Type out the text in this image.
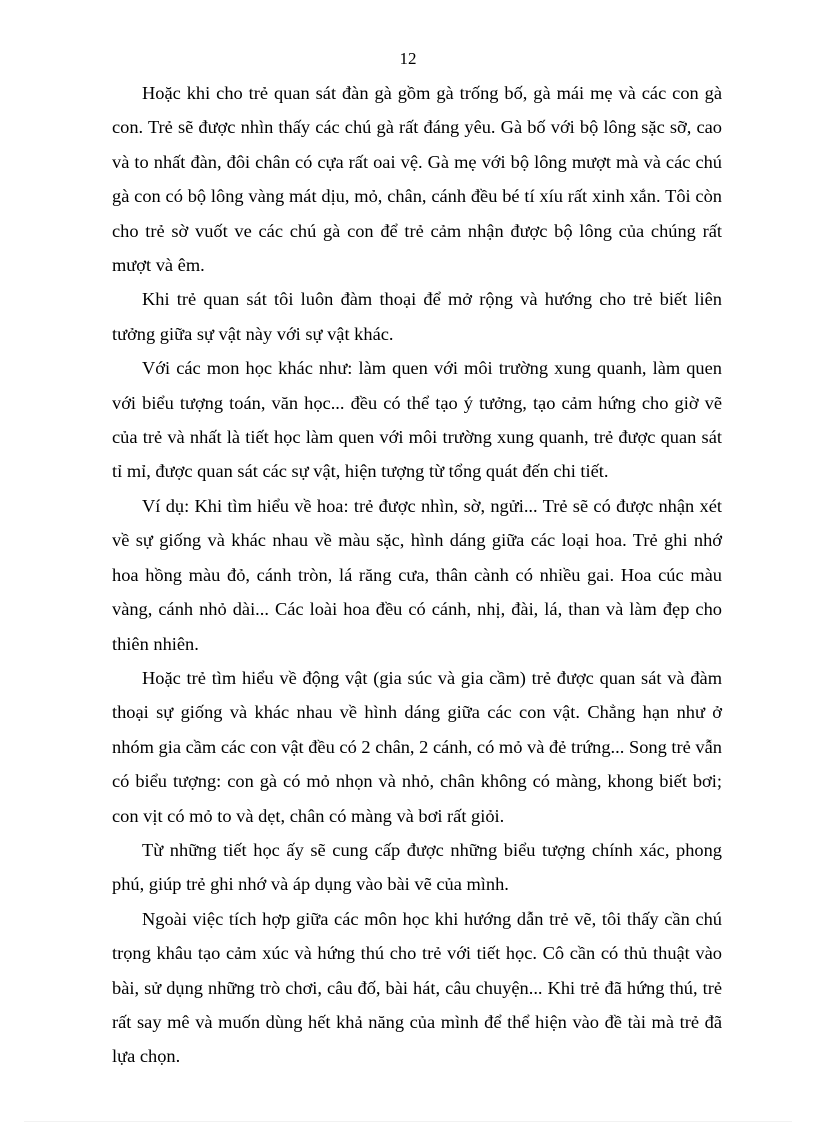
12

Hoặc khi cho trẻ quan sát đàn gà gồm gà trống bố, gà mái mẹ và các con gà con. Trẻ sẽ được nhìn thấy các chú gà rất đáng yêu. Gà bố với bộ lông sặc sỡ, cao và to nhất đàn, đôi chân có cựa rất oai vệ. Gà mẹ với bộ lông mượt mà và các chú gà con có bộ lông vàng mát dịu, mỏ, chân, cánh đều bé tí xíu rất xinh xắn. Tôi còn cho trẻ sờ vuốt ve các chú gà con để trẻ cảm nhận được bộ lông của chúng rất mượt và êm.

Khi trẻ quan sát tôi luôn đàm thoại để mở rộng và hướng cho trẻ biết liên tưởng giữa sự vật này với sự vật khác.

Với các mon học khác như: làm quen với môi trường xung quanh, làm quen với biểu tượng toán, văn học... đều có thể tạo ý tưởng, tạo cảm hứng cho giờ vẽ của trẻ và nhất là tiết học làm quen với môi trường xung quanh, trẻ được quan sát tỉ mỉ, được quan sát các sự vật, hiện tượng từ tổng quát đến chi tiết.

Ví dụ: Khi tìm hiểu về hoa: trẻ được nhìn, sờ, ngửi... Trẻ sẽ có được nhận xét về sự giống và khác nhau về màu sặc, hình dáng giữa các loại hoa. Trẻ ghi nhớ hoa hồng màu đỏ, cánh tròn, lá răng cưa, thân cành có nhiều gai. Hoa cúc màu vàng, cánh nhỏ dài... Các loài hoa đều có cánh, nhị, đài, lá, than và làm đẹp cho thiên nhiên.

Hoặc trẻ tìm hiểu về động vật (gia súc và gia cầm) trẻ được quan sát và đàm thoại sự giống và khác nhau về hình dáng giữa các con vật. Chẳng hạn như ở nhóm gia cầm các con vật đều có 2 chân, 2 cánh, có mỏ và đẻ trứng... Song trẻ vẫn có biểu tượng: con gà có mỏ nhọn và nhỏ, chân không có màng, khong biết bơi; con vịt có mỏ to và dẹt, chân có màng và bơi rất giỏi.

Từ những tiết học ấy sẽ cung cấp được những biểu tượng chính xác, phong phú, giúp trẻ ghi nhớ và áp dụng vào bài vẽ của mình.

Ngoài việc tích hợp giữa các môn học khi hướng dẫn trẻ vẽ, tôi thấy cần chú trọng khâu tạo cảm xúc và hứng thú cho trẻ với tiết học. Cô cần có thủ thuật vào bài, sử dụng những trò chơi, câu đố, bài hát, câu chuyện... Khi trẻ đã hứng thú, trẻ rất say mê và muốn dùng hết khả năng của mình để thể hiện vào đề tài mà trẻ đã lựa chọn.
